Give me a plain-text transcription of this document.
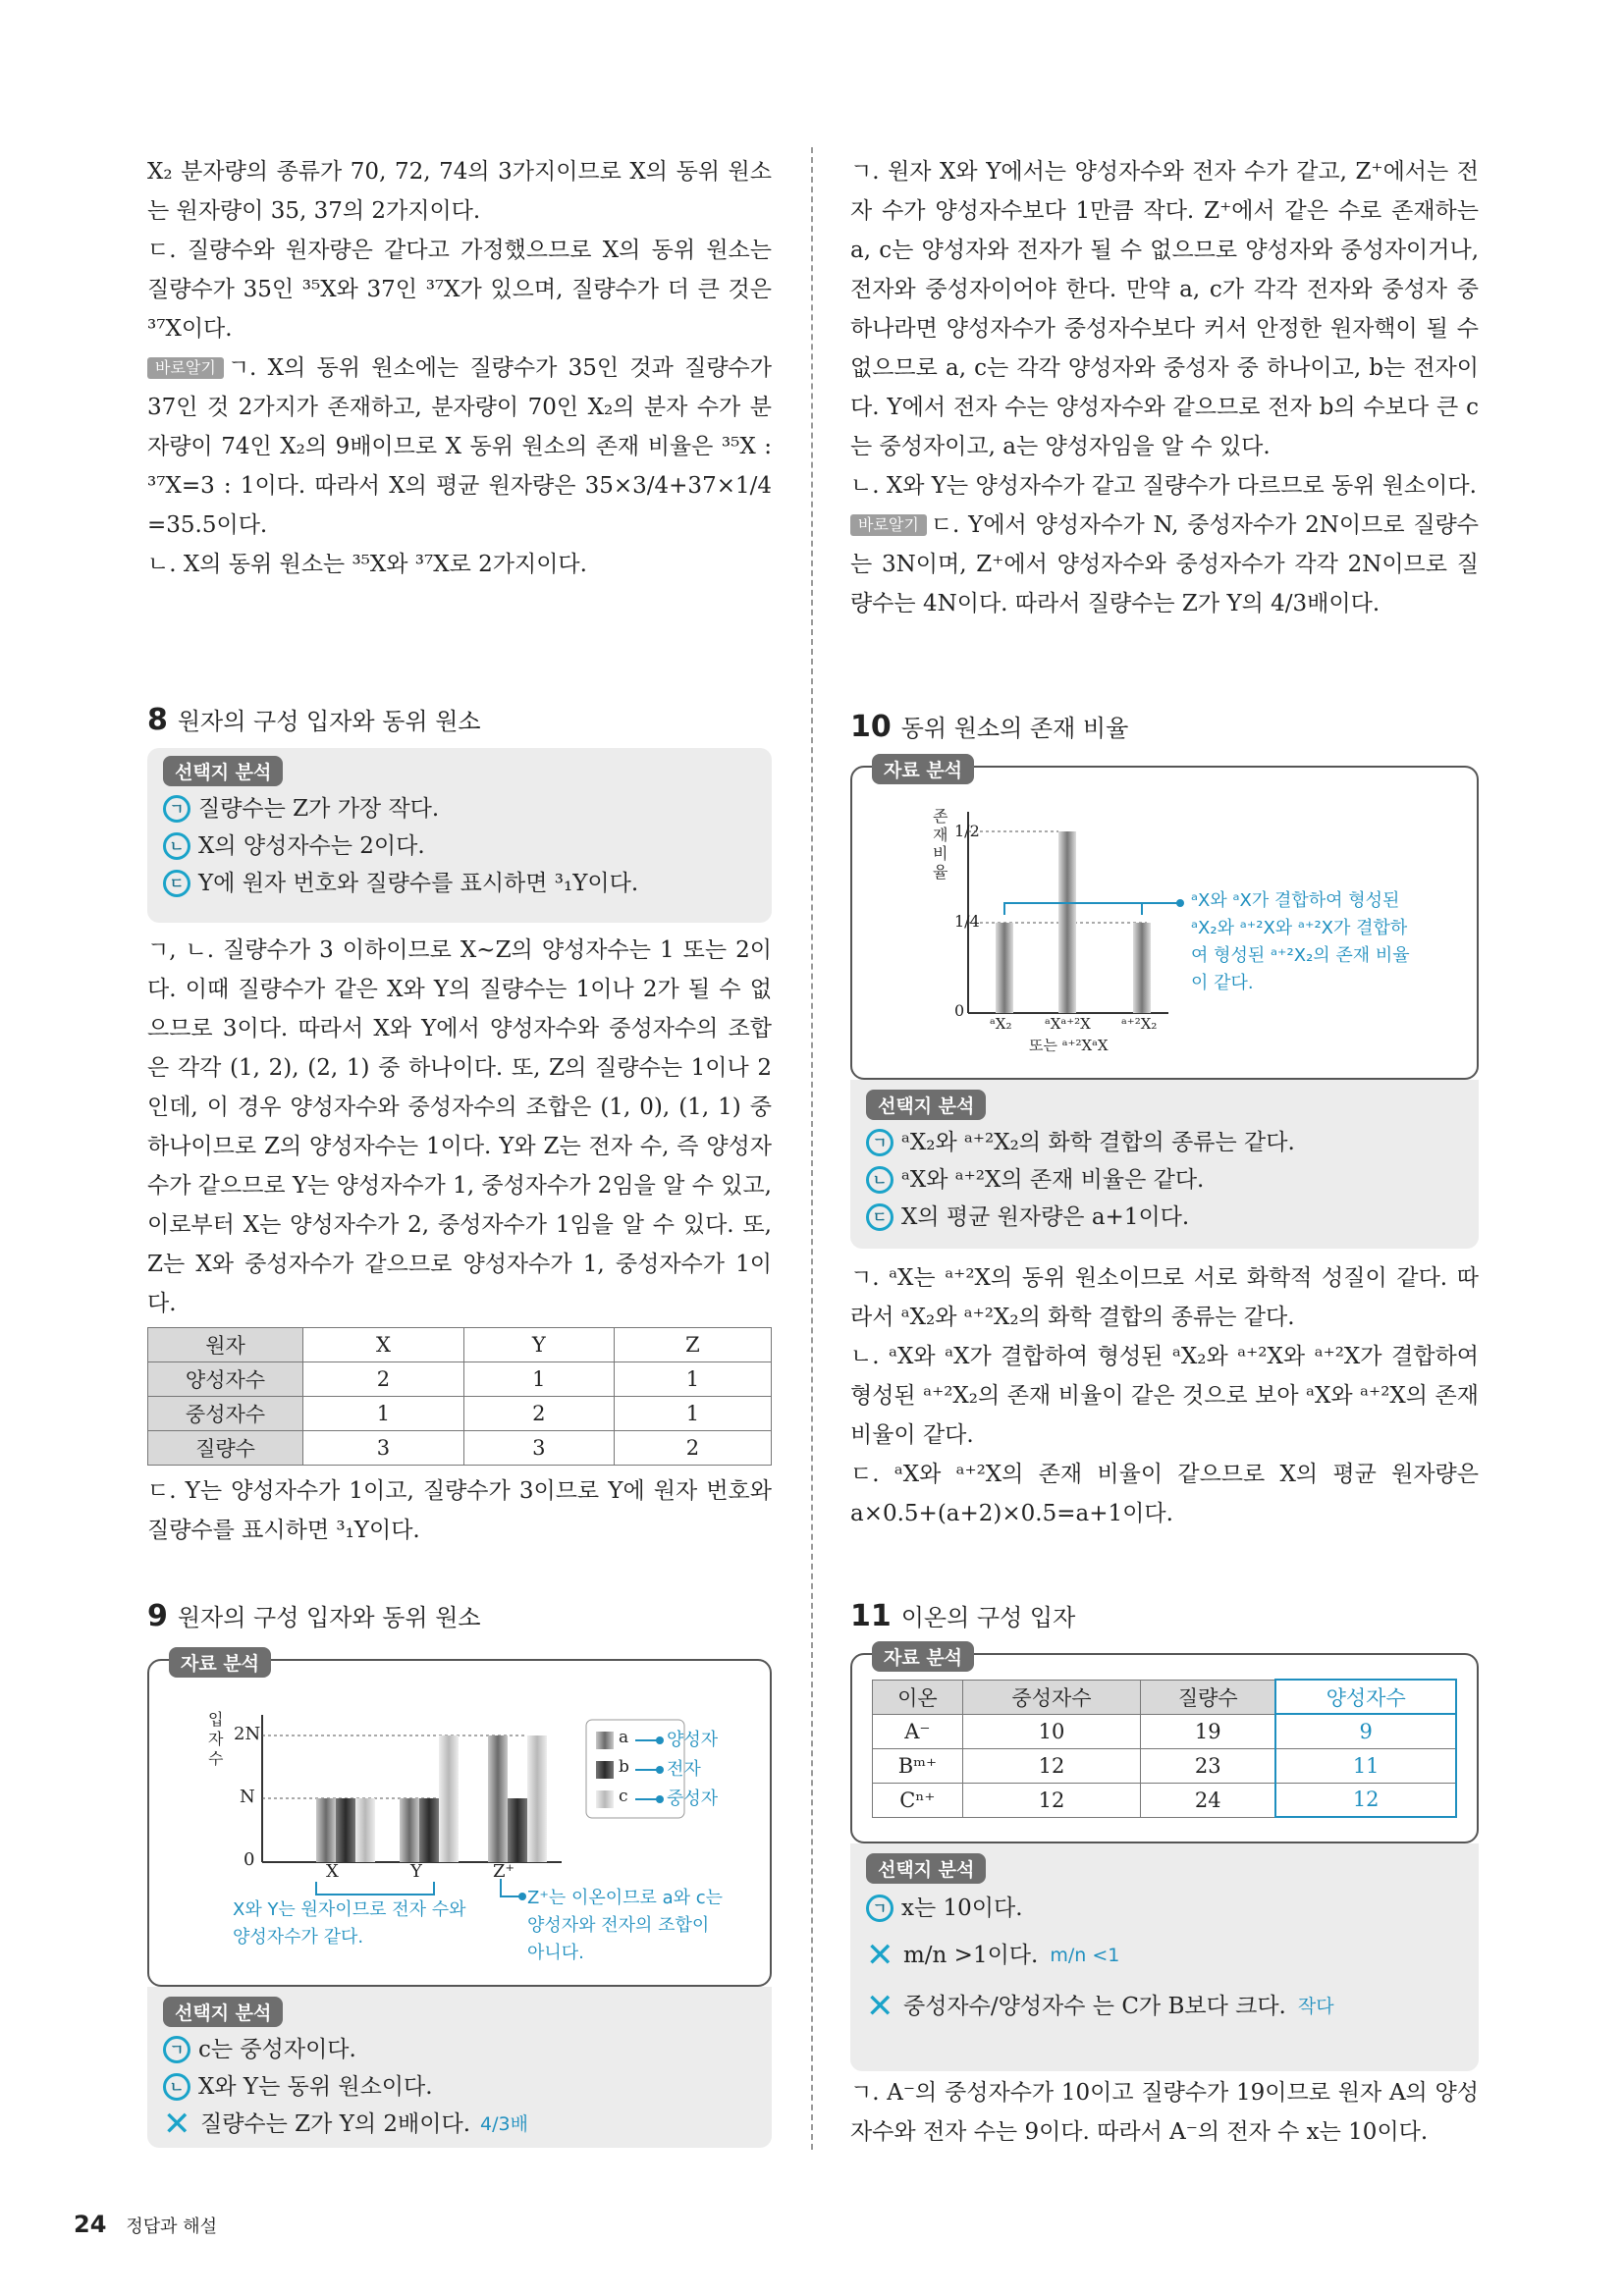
X₂ 분자량의 종류가 70, 72, 74의 3가지이므로 X의 동위 원소는 원자량이 35, 37의 2가지이다.

ㄷ. 질량수와 원자량은 같다고 가정했으므로 X의 동위 원소는 질량수가 35인 ³⁵X와 37인 ³⁷X가 있으며, 질량수가 더 큰 것은 ³⁷X이다.

바로알기 ㄱ. X의 동위 원소에는 질량수가 35인 것과 질량수가 37인 것 2가지가 존재하고, 분자량이 70인 X₂의 분자 수가 분자량이 74인 X₂의 9배이므로 X 동위 원소의 존재 비율은 ³⁵X : ³⁷X=3 : 1이다. 따라서 X의 평균 원자량은 35×3/4+37×1/4 =35.5이다.

ㄴ. X의 동위 원소는 ³⁵X와 ³⁷X로 2가지이다.

ㄱ. 원자 X와 Y에서는 양성자수와 전자 수가 같고, Z⁺에서는 전자 수가 양성자수보다 1만큼 작다. Z⁺에서 같은 수로 존재하는 a, c는 양성자와 전자가 될 수 없으므로 양성자와 중성자이거나, 전자와 중성자이어야 한다. 만약 a, c가 각각 전자와 중성자 중 하나라면 양성자수가 중성자수보다 커서 안정한 원자핵이 될 수 없으므로 a, c는 각각 양성자와 중성자 중 하나이고, b는 전자이다. Y에서 전자 수는 양성자수와 같으므로 전자 b의 수보다 큰 c는 중성자이고, a는 양성자임을 알 수 있다.

ㄴ. X와 Y는 양성자수가 같고 질량수가 다르므로 동위 원소이다.

바로알기 ㄷ. Y에서 양성자수가 N, 중성자수가 2N이므로 질량수는 3N이며, Z⁺에서 양성자수와 중성자수가 각각 2N이므로 질량수는 4N이다. 따라서 질량수는 Z가 Y의 4/3배이다.

8 원자의 구성 입자와 동위 원소
선택지 분석
ㄱ 질량수는 Z가 가장 작다.
ㄴ X의 양성자수는 2이다.
ㄷ Y에 원자 번호와 질량수를 표시하면 ³₁Y이다.

ㄱ, ㄴ. 질량수가 3 이하이므로 X~Z의 양성자수는 1 또는 2이다. 이때 질량수가 같은 X와 Y의 질량수는 1이나 2가 될 수 없으므로 3이다. 따라서 X와 Y에서 양성자수와 중성자수의 조합은 각각 (1, 2), (2, 1) 중 하나이다. 또, Z의 질량수는 1이나 2인데, 이 경우 양성자수와 중성자수의 조합은 (1, 0), (1, 1) 중 하나이므로 Z의 양성자수는 1이다. Y와 Z는 전자 수, 즉 양성자수가 같으므로 Y는 양성자수가 1, 중성자수가 2임을 알 수 있고, 이로부터 X는 양성자수가 2, 중성자수가 1임을 알 수 있다. 또, Z는 X와 중성자수가 같으므로 양성자수가 1, 중성자수가 1이다.

원자	X	Y	Z
양성자수	2	1	1
중성자수	1	2	1
질량수	3	3	2

ㄷ. Y는 양성자수가 1이고, 질량수가 3이므로 Y에 원자 번호와 질량수를 표시하면 ³₁Y이다.

9 원자의 구성 입자와 동위 원소
자료 분석
입자수
2N
N
0
X	Y	Z⁺
a
b
c
양성자
전자
중성자
X와 Y는 원자이므로 전자 수와 양성자수가 같다.
Z⁺는 이온이므로 a와 c는 양성자와 전자의 조합이 아니다.
선택지 분석
ㄱ c는 중성자이다.
ㄴ X와 Y는 동위 원소이다.
✕ 질량수는 Z가 Y의 2배이다. 4/3배
10 동위 원소의 존재 비율
자료 분석
존재비율
1/2
1/4
0
ᵃX₂ ᵃXᵃ⁺²X
또는 ᵃ⁺²XᵃX
ᵃ⁺²X₂
ᵃX와 ᵃX가 결합하여 형성된 ᵃX₂와 ᵃ⁺²X와 ᵃ⁺²X가 결합하여 형성된 ᵃ⁺²X₂의 존재 비율이 같다.
선택지 분석
ㄱ ᵃX₂와 ᵃ⁺²X₂의 화학 결합의 종류는 같다.
ㄴ ᵃX와 ᵃ⁺²X의 존재 비율은 같다.
ㄷ X의 평균 원자량은 a+1이다.

ㄱ. ᵃX는 ᵃ⁺²X의 동위 원소이므로 서로 화학적 성질이 같다. 따라서 ᵃX₂와 ᵃ⁺²X₂의 화학 결합의 종류는 같다.

ㄴ. ᵃX와 ᵃX가 결합하여 형성된 ᵃX₂와 ᵃ⁺²X와 ᵃ⁺²X가 결합하여 형성된 ᵃ⁺²X₂의 존재 비율이 같은 것으로 보아 ᵃX와 ᵃ⁺²X의 존재 비율이 같다.

ㄷ. ᵃX와 ᵃ⁺²X의 존재 비율이 같으므로 X의 평균 원자량은 a×0.5+(a+2)×0.5=a+1이다.

11 이온의 구성 입자
자료 분석
이온	중성자수	질량수	양성자수
A⁻	10	19	9
Bᵐ⁺	12	23	11
Cⁿ⁺	12	24	12
선택지 분석
ㄱ x는 10이다.
✕ m/n >1이다. m/n <1
✕ 중성자수/양성자수 는 C가 B보다 크다. 작다

ㄱ. A⁻의 중성자수가 10이고 질량수가 19이므로 원자 A의 양성자수와 전자 수는 9이다. 따라서 A⁻의 전자 수 x는 10이다.

24 정답과 해설
